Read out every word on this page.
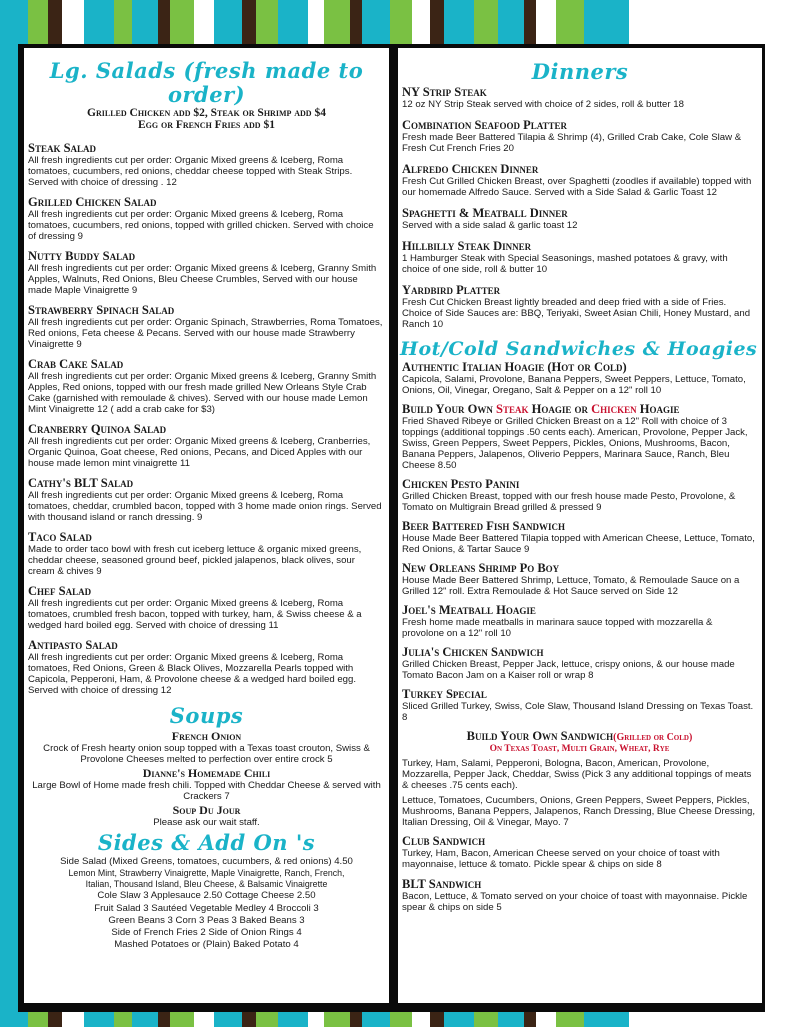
Lg. Salads (fresh made to order)
Grilled Chicken add $2, Steak or Shrimp add $4
Egg or French Fries add $1
Steak Salad
All fresh ingredients cut per order: Organic Mixed greens & Iceberg, Roma tomatoes, cucumbers, red onions, cheddar cheese topped with Steak Strips. Served with choice of dressing . 12
Grilled Chicken Salad
All fresh ingredients cut per order: Organic Mixed greens & Iceberg, Roma tomatoes, cucumbers, red onions, topped with grilled chicken. Served with choice of dressing 9
Nutty Buddy Salad
All fresh ingredients cut per order: Organic Mixed greens & Iceberg, Granny Smith Apples, Walnuts, Red Onions, Bleu Cheese Crumbles, Served with our house made Maple Vinaigrette 9
Strawberry Spinach Salad
All fresh ingredients cut per order: Organic Spinach, Strawberries, Roma Tomatoes, Red onions, Feta cheese & Pecans. Served with our house made Strawberry Vinaigrette 9
Crab Cake Salad
All fresh ingredients cut per order: Organic Mixed greens & Iceberg, Granny Smith Apples, Red onions, topped with our fresh made grilled New Orleans Style Crab Cake (garnished with remoulade & chives). Served with our house made Lemon Mint Vinaigrette 12 ( add a crab cake for $3)
Cranberry Quinoa Salad
All fresh ingredients cut per order: Organic Mixed greens & Iceberg, Cranberries, Organic Quinoa, Goat cheese, Red onions, Pecans, and Diced Apples with our house made lemon mint vinaigrette 11
Cathy's BLT Salad
All fresh ingredients cut per order: Organic Mixed greens & Iceberg, Roma tomatoes, cheddar, crumbled bacon, topped with 3 home made onion rings. Served with thousand island or ranch dressing. 9
Taco Salad
Made to order taco bowl with fresh cut iceberg lettuce & organic mixed greens, cheddar cheese, seasoned ground beef, pickled jalapenos, black olives, sour cream & chives 9
Chef Salad
All fresh ingredients cut per order: Organic Mixed greens & Iceberg, Roma tomatoes, crumbled fresh bacon, topped with turkey, ham, & Swiss cheese & a wedged hard boiled egg. Served with choice of dressing 11
Antipasto Salad
All fresh ingredients cut per order: Organic Mixed greens & Iceberg, Roma tomatoes, Red Onions, Green & Black Olives, Mozzarella Pearls topped with Capicola, Pepperoni, Ham, & Provolone cheese & a wedged hard boiled egg. Served with choice of dressing 12
Soups
French Onion
Crock of Fresh hearty onion soup topped with a Texas toast crouton, Swiss & Provolone Cheeses melted to perfection over entire crock 5
Dianne's Homemade Chili
Large Bowl of Home made fresh chili. Topped with Cheddar Cheese & served with Crackers 7
Soup Du Jour
Please ask our wait staff.
Sides & Add On 's
Side Salad (Mixed Greens, tomatoes, cucumbers, & red onions) 4.50
Lemon Mint, Strawberry Vinaigrette, Maple Vinaigrette, Ranch, French,
Italian, Thousand Island, Bleu Cheese, & Balsamic Vinaigrette
Cole Slaw 3 Applesauce 2.50 Cottage Cheese 2.50
Fruit Salad 3 Sautéed Vegetable Medley 4 Broccoli 3
Green Beans 3 Corn 3 Peas 3 Baked Beans 3
Side of French Fries 2 Side of Onion Rings 4
Mashed Potatoes or (Plain) Baked Potato 4
Dinners
NY Strip Steak
12 oz NY Strip Steak served with choice of 2 sides, roll & butter 18
Combination Seafood Platter
Fresh made Beer Battered Tilapia & Shrimp (4), Grilled Crab Cake, Cole Slaw & Fresh Cut French Fries 20
Alfredo Chicken Dinner
Fresh Cut Grilled Chicken Breast, over Spaghetti (zoodles if available) topped with our homemade Alfredo Sauce. Served with a Side Salad & Garlic Toast 12
Spaghetti & Meatball Dinner
Served with a side salad & garlic toast 12
Hillbilly Steak Dinner
1 Hamburger Steak with Special Seasonings, mashed potatoes & gravy, with choice of one side, roll & butter 10
Yardbird Platter
Fresh Cut Chicken Breast lightly breaded and deep fried with a side of Fries. Choice of Side Sauces are: BBQ, Teriyaki, Sweet Asian Chili, Honey Mustard, and Ranch 10
Hot/Cold Sandwiches & Hoagies
Authentic Italian Hoagie (Hot or Cold)
Capicola, Salami, Provolone, Banana Peppers, Sweet Peppers, Lettuce, Tomato, Onions, Oil, Vinegar, Oregano, Salt & Pepper on a 12" roll 10
Build Your Own Steak Hoagie or Chicken Hoagie
Fried Shaved Ribeye or Grilled Chicken Breast on a 12" Roll with choice of 3 toppings (additional toppings .50 cents each). American, Provolone, Pepper Jack, Swiss, Green Peppers, Sweet Peppers, Pickles, Onions, Mushrooms, Bacon, Banana Peppers, Jalapenos, Oliverio Peppers, Marinara Sauce, Ranch, Bleu Cheese 8.50
Chicken Pesto Panini
Grilled Chicken Breast, topped with our fresh house made Pesto, Provolone, & Tomato on Multigrain Bread grilled & pressed 9
Beer Battered Fish Sandwich
House Made Beer Battered Tilapia topped with American Cheese, Lettuce, Tomato, Red Onions, & Tartar Sauce 9
New Orleans Shrimp Po Boy
House Made Beer Battered Shrimp, Lettuce, Tomato, & Remoulade Sauce on a Grilled 12" roll. Extra Remoulade & Hot Sauce served on Side 12
Joel's Meatball Hoagie
Fresh home made meatballs in marinara sauce topped with mozzarella & provolone on a 12" roll 10
Julia's Chicken Sandwich
Grilled Chicken Breast, Pepper Jack, lettuce, crispy onions, & our house made Tomato Bacon Jam on a Kaiser roll or wrap 8
Turkey Special
Sliced Grilled Turkey, Swiss, Cole Slaw, Thousand Island Dressing on Texas Toast. 8
Build Your Own Sandwich(Grilled or Cold)
On Texas Toast, Multi Grain, Wheat, Rye
Turkey, Ham, Salami, Pepperoni, Bologna, Bacon, American, Provolone, Mozzarella, Pepper Jack, Cheddar, Swiss (Pick 3 any additional toppings of meats & cheeses .75 cents each).
Lettuce, Tomatoes, Cucumbers, Onions, Green Peppers, Sweet Peppers, Pickles, Mushrooms, Banana Peppers, Jalapenos, Ranch Dressing, Blue Cheese Dressing, Italian Dressing, Oil & Vinegar, Mayo. 7
Club Sandwich
Turkey, Ham, Bacon, American Cheese served on your choice of toast with mayonnaise, lettuce & tomato. Pickle spear & chips on side 8
BLT Sandwich
Bacon, Lettuce, & Tomato served on your choice of toast with mayonnaise. Pickle spear & chips on side 5
